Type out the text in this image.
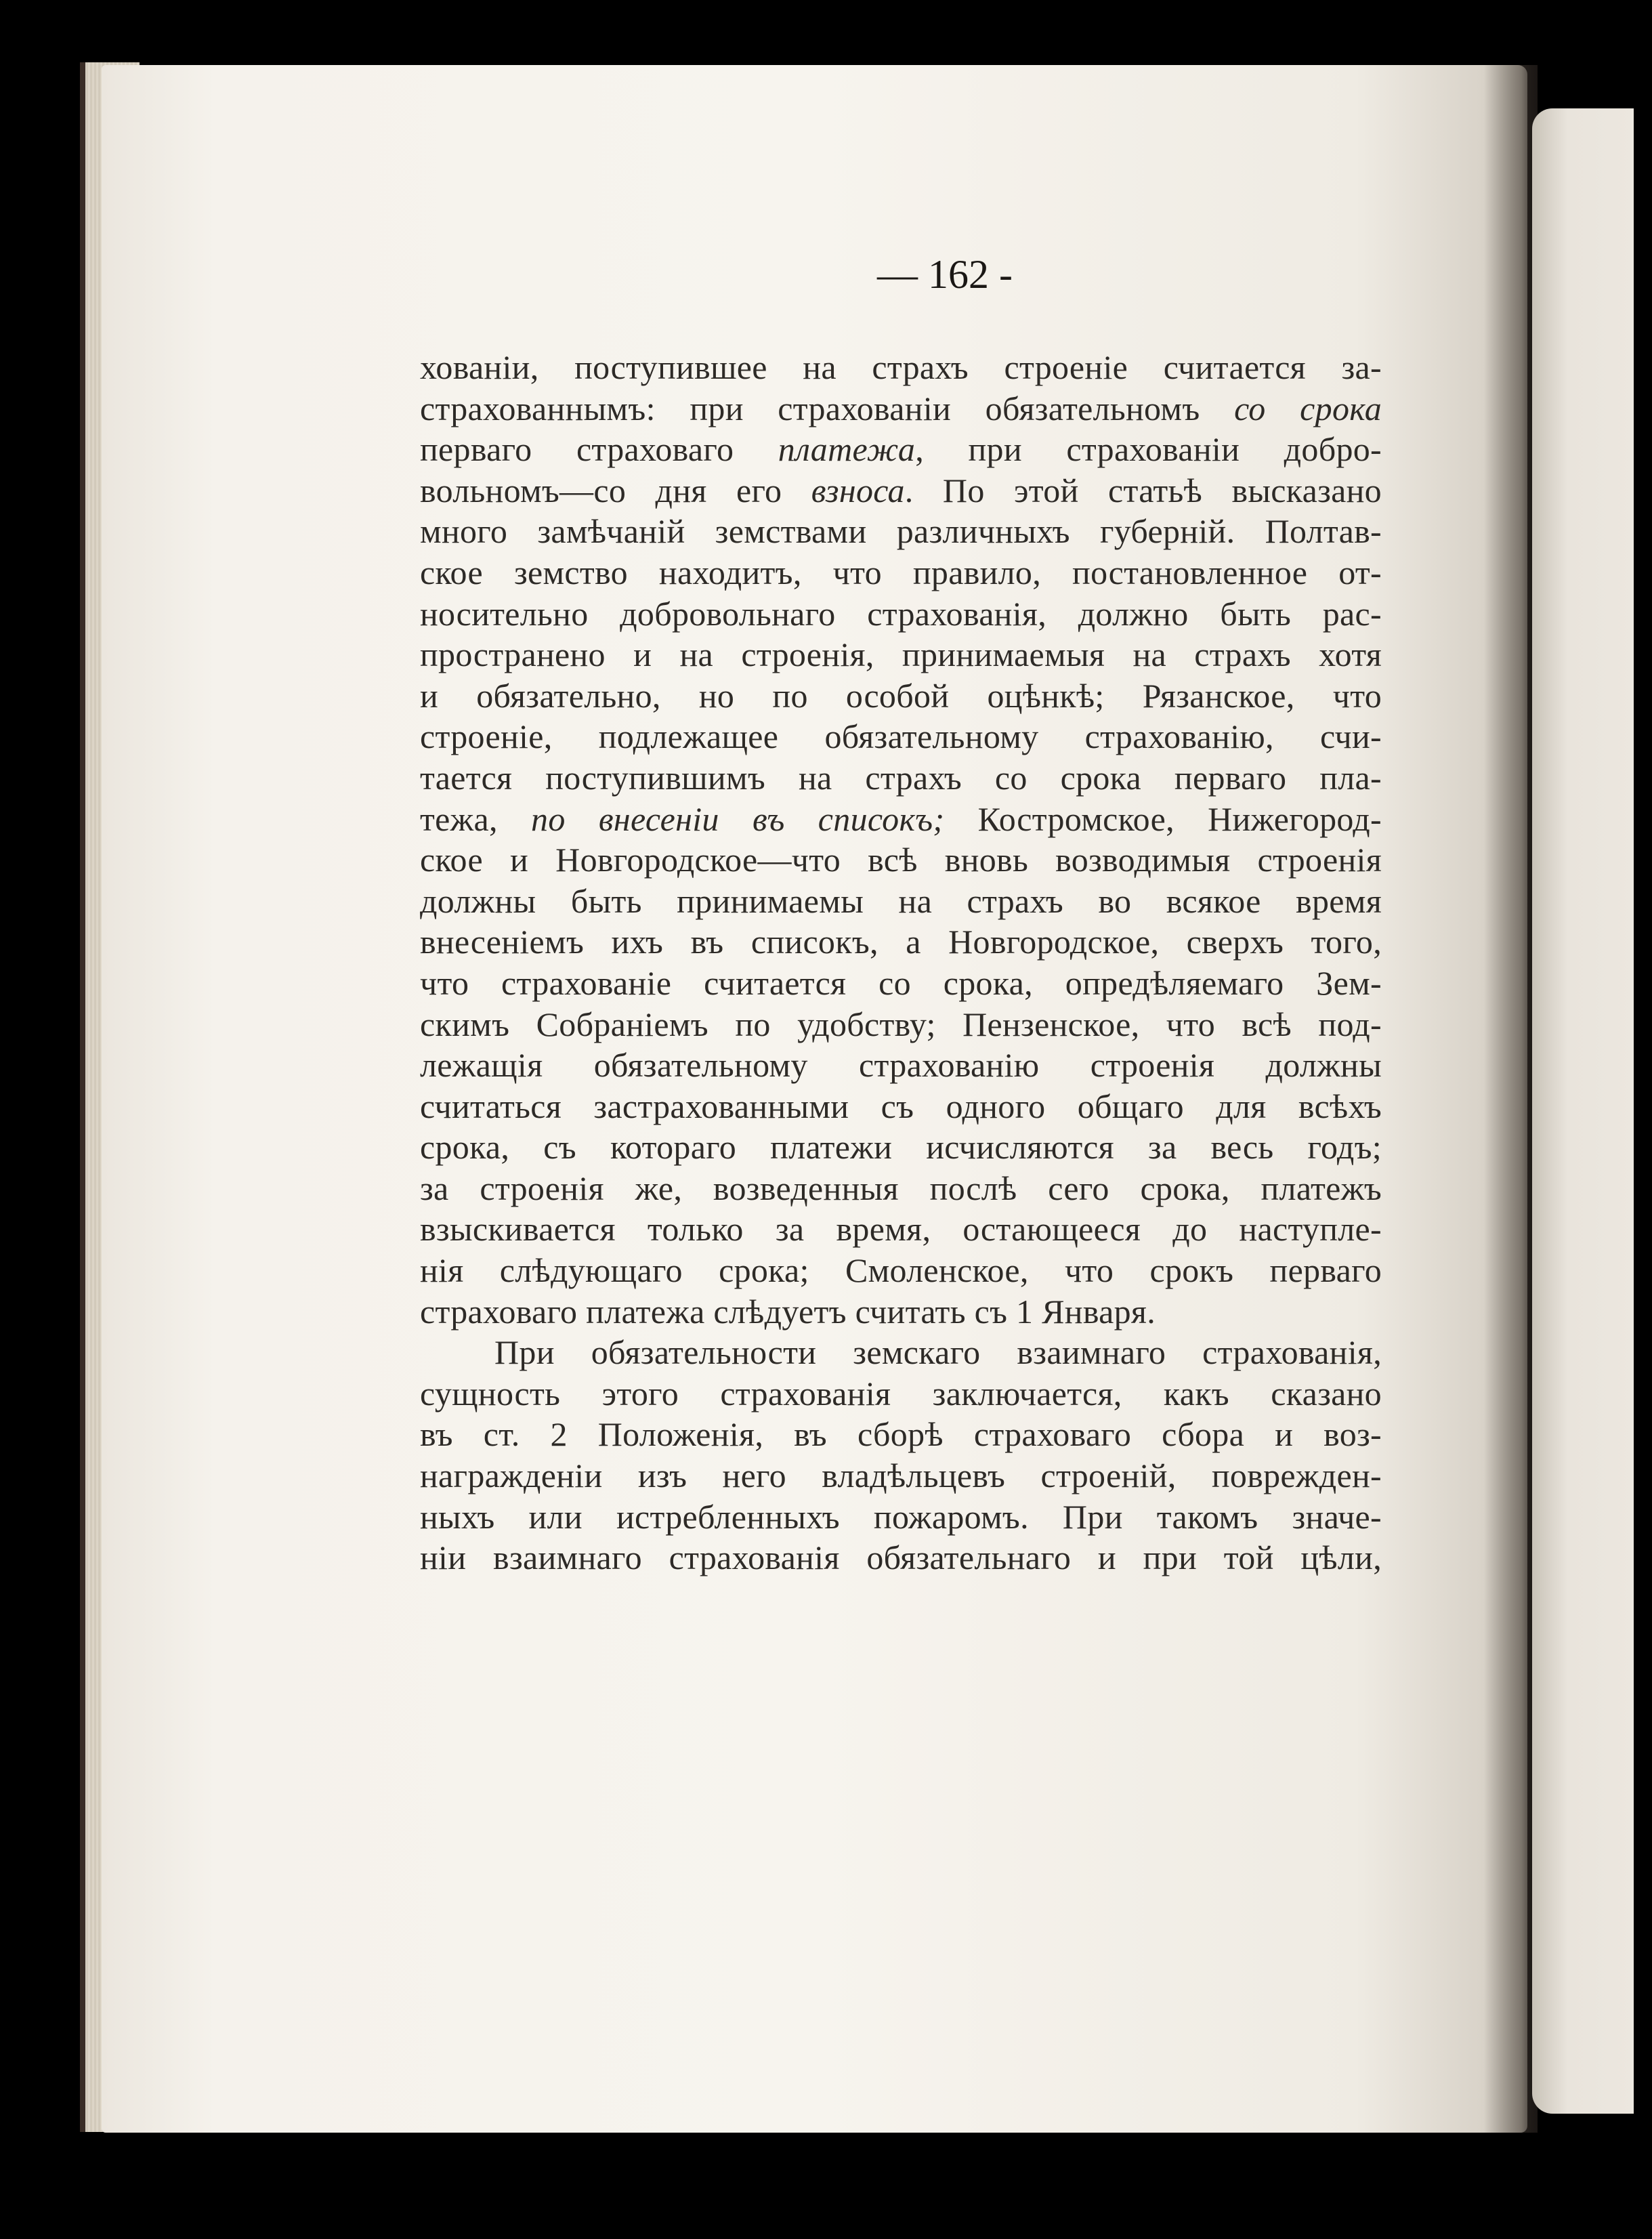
— 162 -
хованіи, поступившее на страхъ строеніе считается за-
страхованнымъ: при страхованіи обязательномъ со срока
перваго страховаго платежа, при страхованіи добро-
вольномъ—со дня его взноса. По этой статьѣ высказано
много замѣчаній земствами различныхъ губерній. Полтав-
ское земство находитъ, что правило, постановленное от-
носительно добровольнаго страхованія, должно быть рас-
пространено и на строенія, принимаемыя на страхъ хотя
и обязательно, но по особой оцѣнкѣ; Рязанское, что
строеніе, подлежащее обязательному страхованію, счи-
тается поступившимъ на страхъ со срока перваго пла-
тежа, по внесеніи въ списокъ; Костромское, Нижегород-
ское и Новгородское—что всѣ вновь возводимыя строенія
должны быть принимаемы на страхъ во всякое время
внесеніемъ ихъ въ списокъ, а Новгородское, сверхъ того,
что страхованіе считается со срока, опредѣляемаго Зем-
скимъ Собраніемъ по удобству; Пензенское, что всѣ под-
лежащія обязательному страхованію строенія должны
считаться застрахованными съ одного общаго для всѣхъ
срока, съ котораго платежи исчисляются за весь годъ;
за строенія же, возведенныя послѣ сего срока, платежъ
взыскивается только за время, остающееся до наступле-
нія слѣдующаго срока; Смоленское, что срокъ перваго
страховаго платежа слѣдуетъ считать съ 1 Января.
При обязательности земскаго взаимнаго страхованія,
сущность этого страхованія заключается, какъ сказано
въ ст. 2 Положенія, въ сборѣ страховаго сбора и воз-
награжденіи изъ него владѣльцевъ строеній, поврежден-
ныхъ или истребленныхъ пожаромъ. При такомъ значе-
ніи взаимнаго страхованія обязательнаго и при той цѣли,
